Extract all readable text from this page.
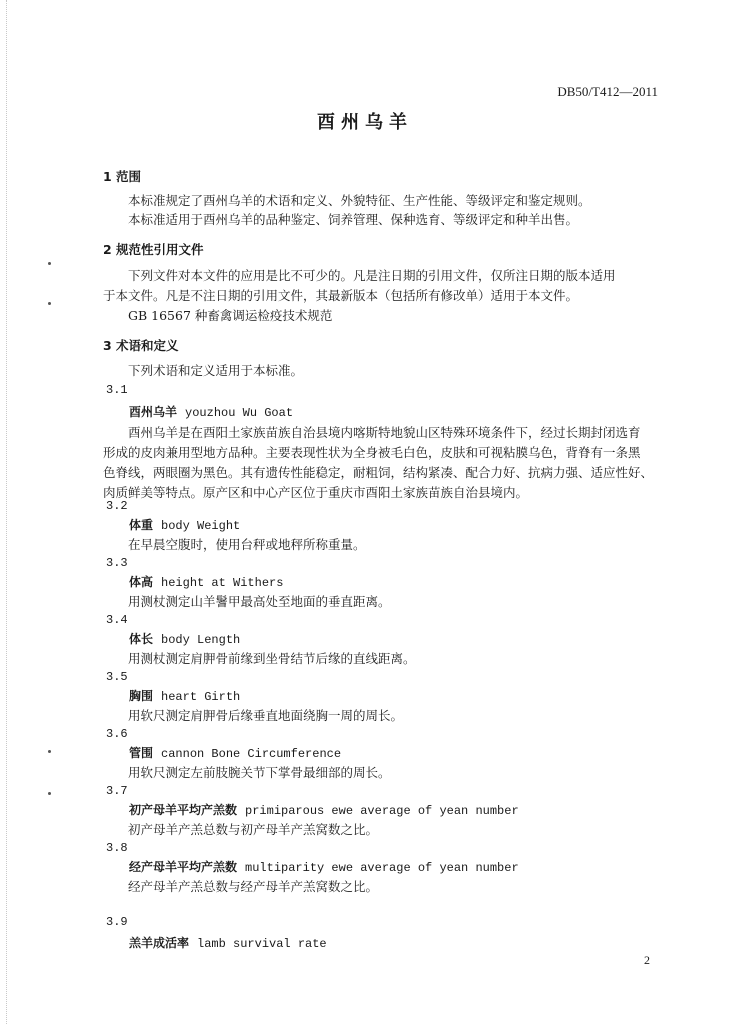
DB50/T412—2011
酉州乌羊
1 范围
本标准规定了酉州乌羊的术语和定义、外貌特征、生产性能、等级评定和鉴定规则。
本标准适用于酉州乌羊的品种鉴定、饲养管理、保种选育、等级评定和种羊出售。
2 规范性引用文件
下列文件对本文件的应用是比不可少的。凡是注日期的引用文件，仅所注日期的版本适用
于本文件。凡是不注日期的引用文件，其最新版本（包括所有修改单）适用于本文件。
GB 16567 种畜禽调运检疫技术规范
3 术语和定义
下列术语和定义适用于本标准。
3.1
酉州乌羊 youzhou Wu Goat
酉州乌羊是在酉阳土家族苗族自治县境内喀斯特地貌山区特殊环境条件下，经过长期封闭选育
形成的皮肉兼用型地方品种。主要表现性状为全身被毛白色，皮肤和可视粘膜乌色，背脊有一条黑
色脊线，两眼圈为黑色。其有遗传性能稳定，耐粗饲，结构紧凑、配合力好、抗病力强、适应性好、
肉质鲜美等特点。原产区和中心产区位于重庆市酉阳土家族苗族自治县境内。
3.2
体重 body Weight
在早晨空腹时，使用台秤或地秤所称重量。
3.3
体高 height at Withers
用测杖测定山羊鬐甲最高处至地面的垂直距离。
3.4
体长 body Length
用测杖测定肩胛骨前缘到坐骨结节后缘的直线距离。
3.5
胸围 heart Girth
用软尺测定肩胛骨后缘垂直地面绕胸一周的周长。
3.6
管围 cannon Bone Circumference
用软尺测定左前肢腕关节下掌骨最细部的周长。
3.7
初产母羊平均产羔数 primiparous ewe average of yean number
初产母羊产羔总数与初产母羊产羔窝数之比。
3.8
经产母羊平均产羔数 multiparity ewe average of yean number
经产母羊产羔总数与经产母羊产羔窝数之比。
3.9
羔羊成活率 lamb survival rate
2
